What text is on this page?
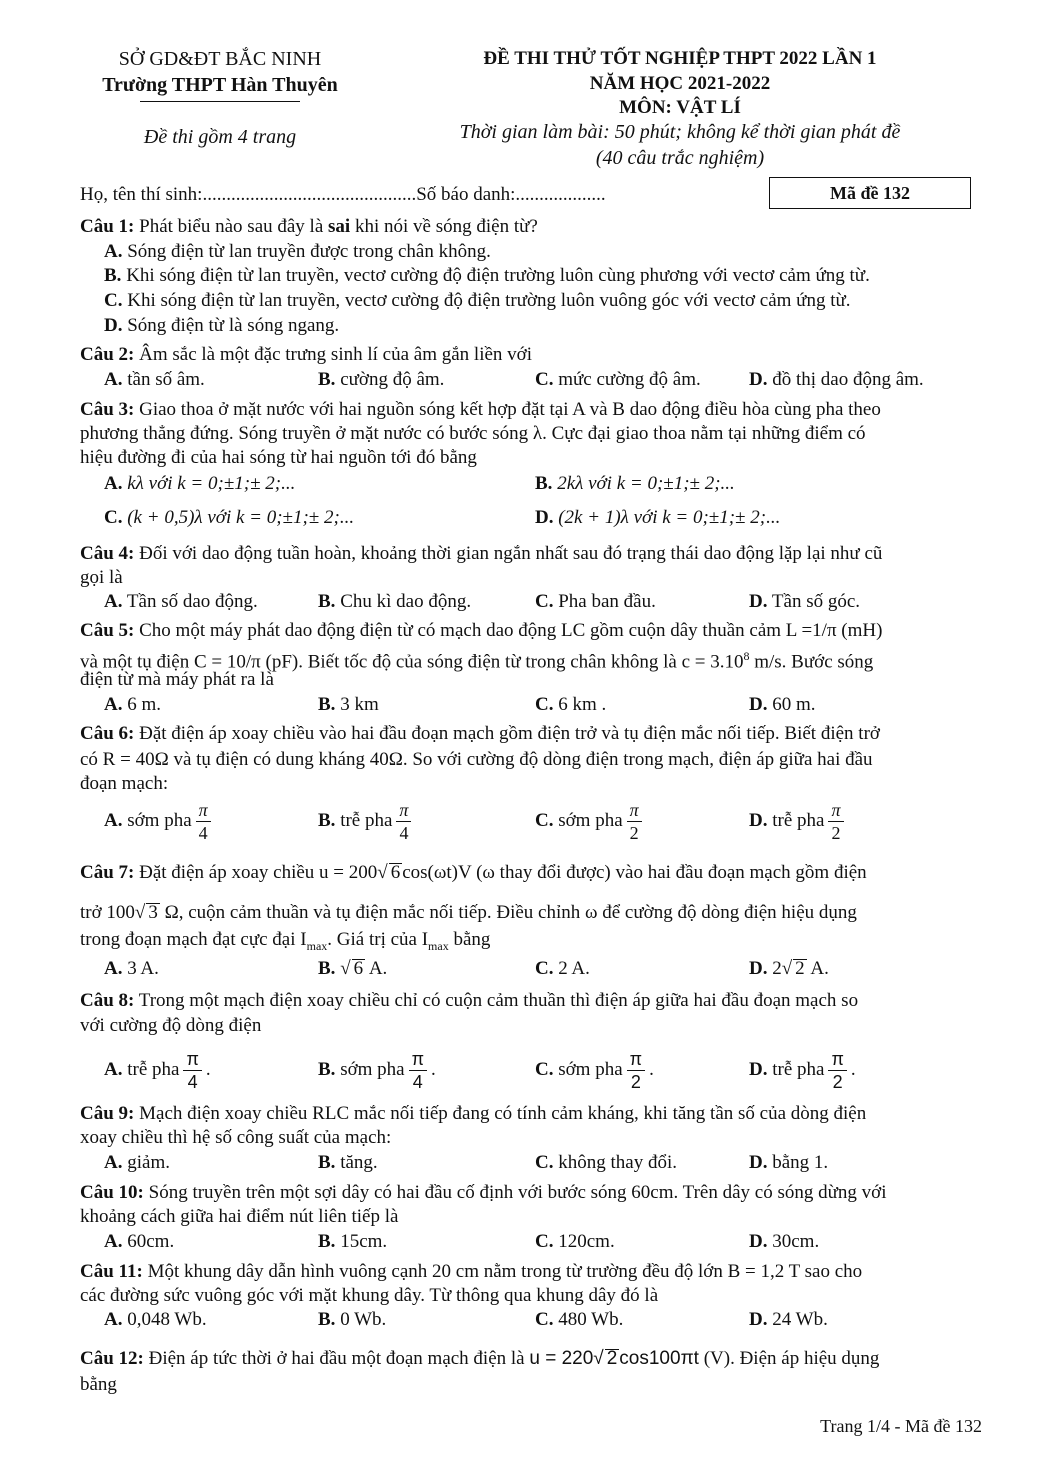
SỞ GD&ĐT BẮC NINH
Trường THPT Hàn Thuyên
Đề thi gồm 4 trang
ĐỀ THI THỬ TỐT NGHIỆP THPT 2022 LẦN 1
NĂM HỌC 2021-2022
MÔN: VẬT LÍ
Thời gian làm bài: 50 phút; không kể thời gian phát đề
(40 câu trắc nghiệm)
Họ, tên thí sinh:.............................................Số báo danh:...................	Mã đề 132
Câu 1: Phát biểu nào sau đây là sai khi nói về sóng điện từ?
A. Sóng điện từ lan truyền được trong chân không.
B. Khi sóng điện từ lan truyền, vectơ cường độ điện trường luôn cùng phương với vectơ cảm ứng từ.
C. Khi sóng điện từ lan truyền, vectơ cường độ điện trường luôn vuông góc với vectơ cảm ứng từ.
D. Sóng điện từ là sóng ngang.
Câu 2: Âm sắc là một đặc trưng sinh lí của âm gắn liền với
A. tần số âm.	B. cường độ âm.	C. mức cường độ âm.	D. đồ thị dao động âm.
Câu 3: Giao thoa ở mặt nước với hai nguồn sóng kết hợp đặt tại A và B dao động điều hòa cùng pha theo
phương thẳng đứng. Sóng truyền ở mặt nước có bước sóng λ. Cực đại giao thoa nằm tại những điểm có
hiệu đường đi của hai sóng từ hai nguồn tới đó bằng
A. kλ với k = 0;±1;± 2;...	B. 2kλ với k = 0;±1;± 2;...
C. (k + 0,5)λ với k = 0;±1;± 2;...	D. (2k + 1)λ với k = 0;±1;± 2;...
Câu 4: Đối với dao động tuần hoàn, khoảng thời gian ngắn nhất sau đó trạng thái dao động lặp lại như cũ
gọi là
A. Tần số dao động.	B. Chu kì dao động.	C. Pha ban đầu.	D. Tần số góc.
Câu 5: Cho một máy phát dao động điện từ có mạch dao động LC gồm cuộn dây thuần cảm L =1/π (mH)
và một tụ điện C = 10/π (pF). Biết tốc độ của sóng điện từ trong chân không là $c = 3.10^8$ m/s. Bước sóng
điện từ mà máy phát ra là
A. 6 m.	B. 3 km	C. 6 km .	D. 60 m.
Câu 6: Đặt điện áp xoay chiều vào hai đầu đoạn mạch gồm điện trở và tụ điện mắc nối tiếp. Biết điện trở
có R = 40Ω và tụ điện có dung kháng 40Ω. So với cường độ dòng điện trong mạch, điện áp giữa hai đầu
đoạn mạch:
A. sớm pha $\frac{\pi}{4}$	B. trễ pha $\frac{\pi}{4}$	C. sớm pha $\frac{\pi}{2}$	D. trễ pha $\frac{\pi}{2}$
Câu 7: Đặt điện áp xoay chiều u = 200√ 6 cos(ωt)V (ω thay đổi được) vào hai đầu đoạn mạch gồm điện
trở 100√ 3 Ω, cuộn cảm thuần và tụ điện mắc nối tiếp. Điều chỉnh ω để cường độ dòng điện hiệu dụng
trong đoạn mạch đạt cực đại $I_{max}$. Giá trị của $I_{max}$ bằng
A. 3 A.	B. √ 6 A.	C. 2 A.	D. 2√ 2 A.
Câu 8: Trong một mạch điện xoay chiều chỉ có cuộn cảm thuần thì điện áp giữa hai đầu đoạn mạch so
với cường độ dòng điện
A. trễ pha $\frac{\pi}{4}$ .	B. sớm pha $\frac{\pi}{4}$ .	C. sớm pha $\frac{\pi}{2}$ .	D. trễ pha $\frac{\pi}{2}$ .
Câu 9: Mạch điện xoay chiều RLC mắc nối tiếp đang có tính cảm kháng, khi tăng tần số của dòng điện
xoay chiều thì hệ số công suất của mạch:
A. giảm.	B. tăng.	C. không thay đổi.	D. bằng 1.
Câu 10: Sóng truyền trên một sợi dây có hai đầu cố định với bước sóng 60cm. Trên dây có sóng dừng với
khoảng cách giữa hai điểm nút liên tiếp là
A. 60cm.	B. 15cm.	C. 120cm.	D. 30cm.
Câu 11: Một khung dây dẫn hình vuông cạnh 20 cm nằm trong từ trường đều độ lớn B = 1,2 T sao cho
các đường sức vuông góc với mặt khung dây. Từ thông qua khung dây đó là
A. 0,048 Wb.	B. 0 Wb.	C. 480 Wb.	D. 24 Wb.
Câu 12: Điện áp tức thời ở hai đầu một đoạn mạch điện là u = 220√ 2 cos100πt (V). Điện áp hiệu dụng
bằng
Trang 1/4 - Mã đề 132
